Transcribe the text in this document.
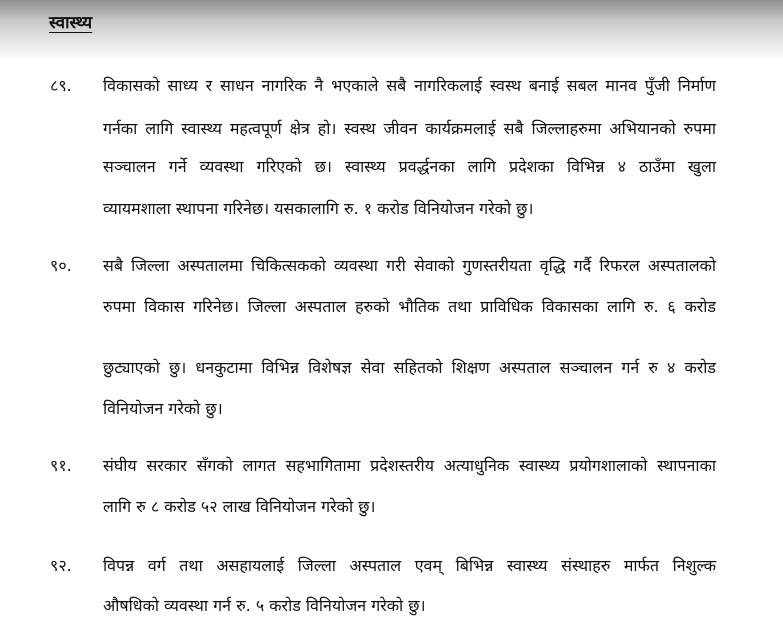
स्वास्थ्य
८९. विकासको साध्य र साधन नागरिक नै भएकाले सबै नागरिकलाई स्वस्थ बनाई सबल मानव पुँजी निर्माण
गर्नका लागि स्वास्थ्य महत्वपूर्ण क्षेत्र हो। स्वस्थ जीवन कार्यक्रमलाई सबै जिल्लाहरुमा अभियानको रुपमा
सञ्चालन गर्ने व्यवस्था गरिएको छ। स्वास्थ्य प्रवर्द्धनका लागि प्रदेशका विभिन्न ४ ठाउँमा खुला
व्यायमशाला स्थापना गरिनेछ। यसकालागि रु. १ करोड विनियोजन गरेको छु।
९०. सबै जिल्ला अस्पतालमा चिकित्सकको व्यवस्था गरी सेवाको गुणस्तरीयता वृद्धि गर्दै रिफरल अस्पतालको
रुपमा विकास गरिनेछ। जिल्ला अस्पताल हरुको भौतिक तथा प्राविधिक विकासका लागि रु. ६ करोड
छुट्याएको छु। धनकुटामा विभिन्न विशेषज्ञ सेवा सहितको शिक्षण अस्पताल सञ्चालन गर्न रु ४ करोड
विनियोजन गरेको छु।
९१. संघीय सरकार सँगको लागत सहभागितामा प्रदेशस्तरीय अत्याधुनिक स्वास्थ्य प्रयोगशालाको स्थापनाका
लागि रु ८ करोड ५२ लाख विनियोजन गरेको छु।
९२. विपन्न वर्ग तथा असहायलाई जिल्ला अस्पताल एवम् बिभिन्न स्वास्थ्य संस्थाहरु मार्फत निशुल्क
औषधिको व्यवस्था गर्न रु. ५ करोड विनियोजन गरेको छु।
